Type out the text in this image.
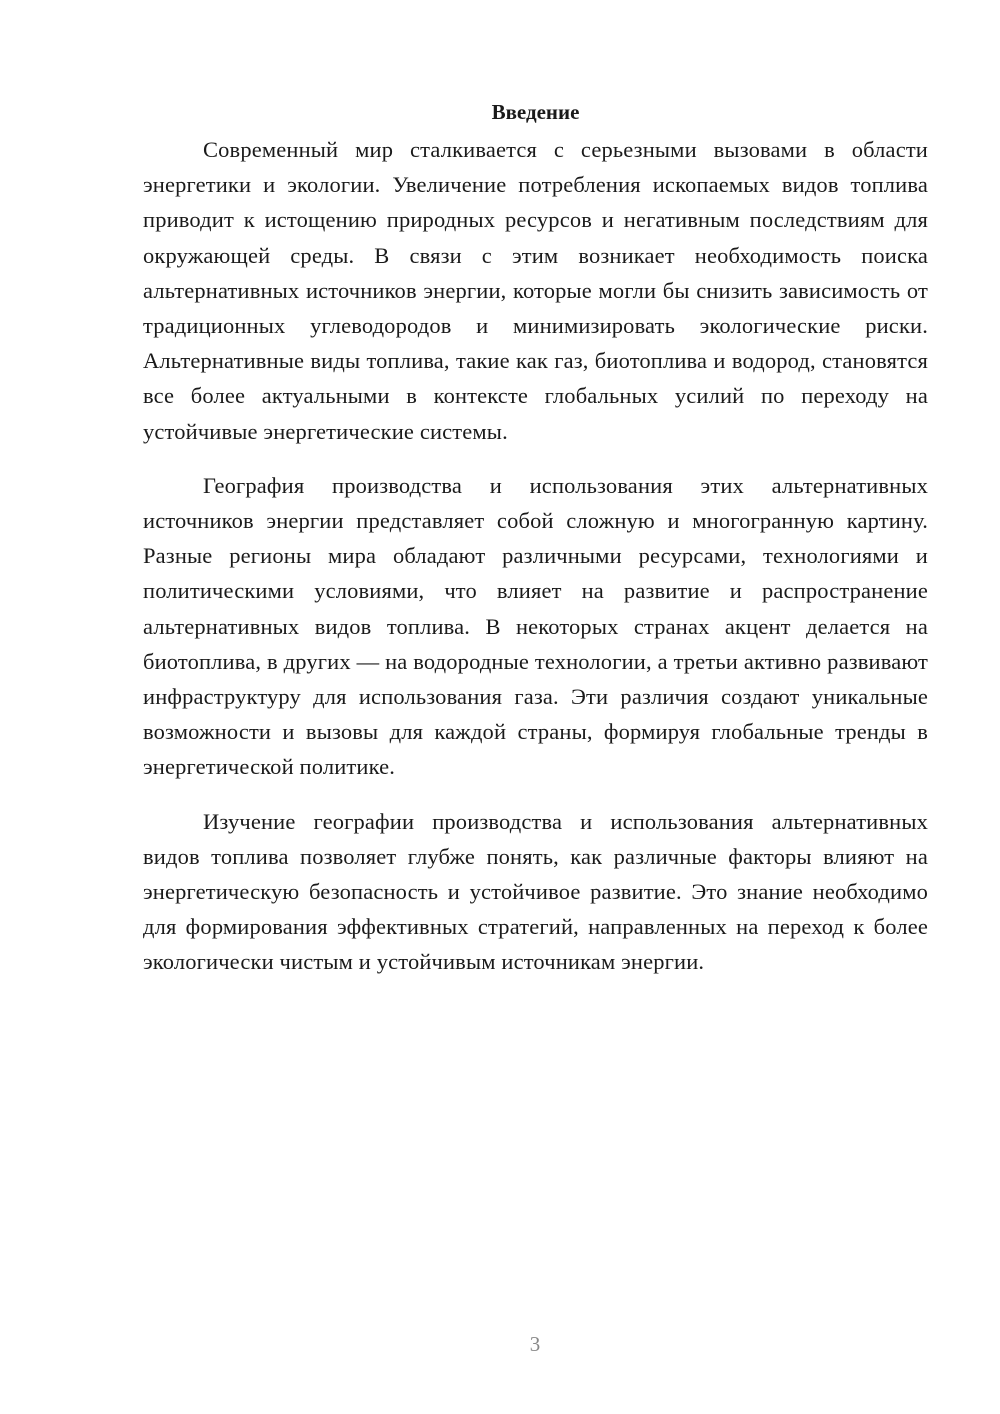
Введение

Современный мир сталкивается с серьезными вызовами в области энергетики и экологии. Увеличение потребления ископаемых видов топлива приводит к истощению природных ресурсов и негативным последствиям для окружающей среды. В связи с этим возникает необходимость поиска альтернативных источников энергии, которые могли бы снизить зависимость от традиционных углеводородов и минимизировать экологические риски. Альтернативные виды топлива, такие как газ, биотоплива и водород, становятся все более актуальными в контексте глобальных усилий по переходу на устойчивые энергетические системы.

География производства и использования этих альтернативных источников энергии представляет собой сложную и многогранную картину. Разные регионы мира обладают различными ресурсами, технологиями и политическими условиями, что влияет на развитие и распространение альтернативных видов топлива. В некоторых странах акцент делается на биотоплива, в других — на водородные технологии, а третьи активно развивают инфраструктуру для использования газа. Эти различия создают уникальные возможности и вызовы для каждой страны, формируя глобальные тренды в энергетической политике.

Изучение географии производства и использования альтернативных видов топлива позволяет глубже понять, как различные факторы влияют на энергетическую безопасность и устойчивое развитие. Это знание необходимо для формирования эффективных стратегий, направленных на переход к более экологически чистым и устойчивым источникам энергии.

3
